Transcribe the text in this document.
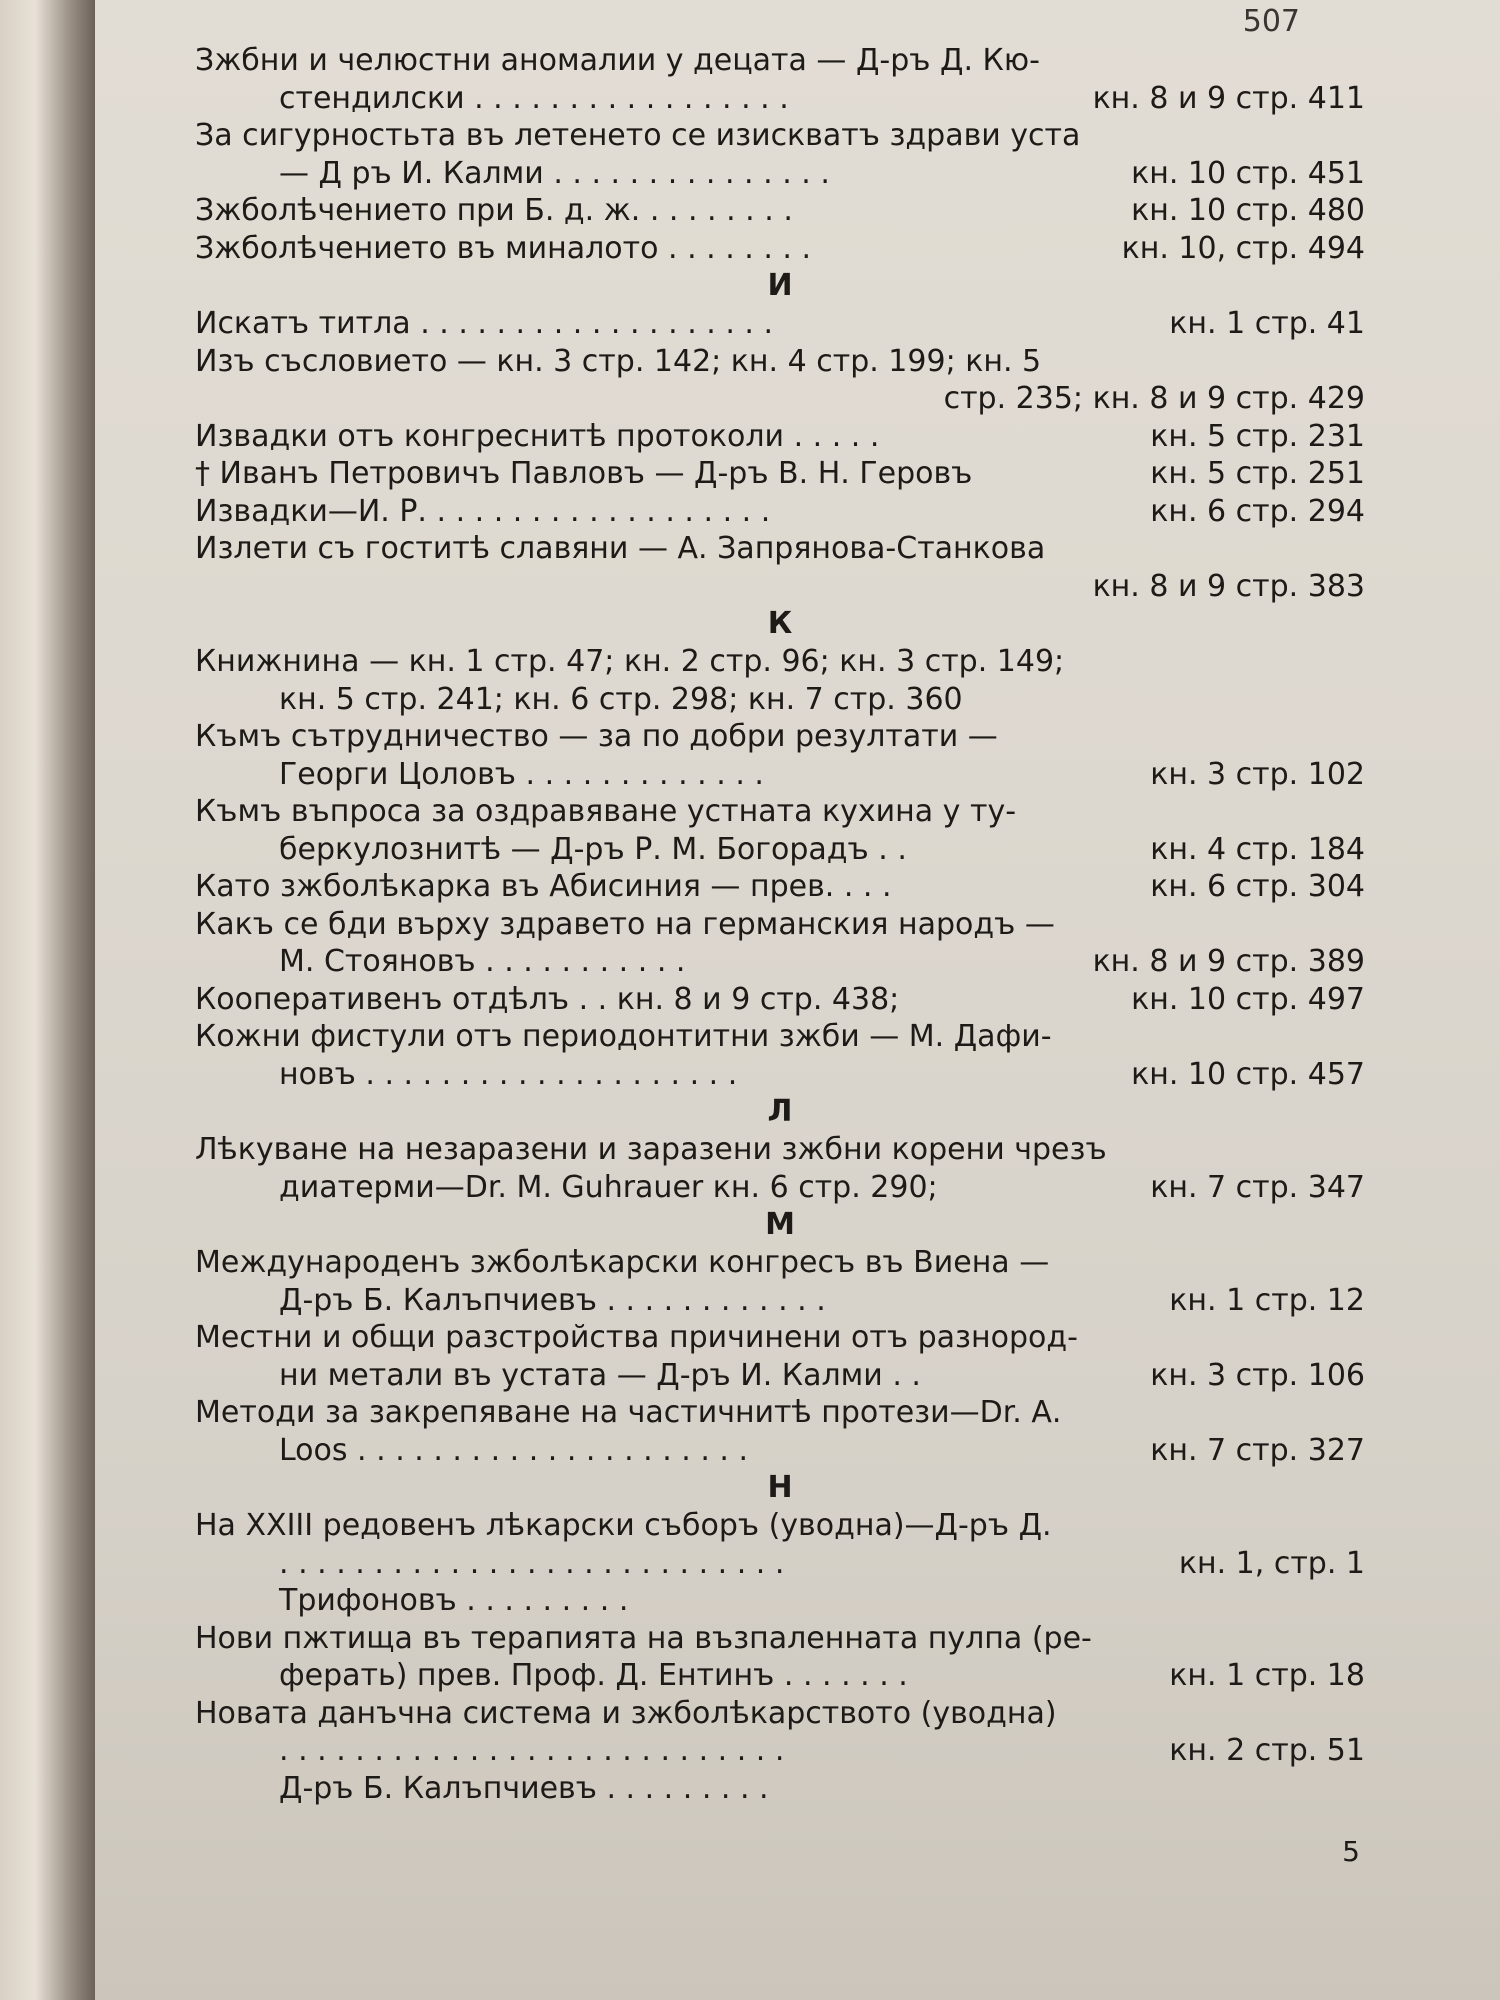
507
Зжбни и челюстни аномалии у децата — Д-ръ Д. Кю-
стендилски . . . . . . . . . . . . . . . . .	кн. 8 и 9 стр. 411
За сигурностьта въ летенето се изискватъ здрави уста
— Д ръ И. Калми . . . . . . . . . . . . . . .	кн. 10 стр. 451
Зжболѣчението при Б. д. ж. . . . . . . . .	кн. 10 стр. 480
Зжболѣчението въ миналото . . . . . . . .	кн. 10, стр. 494
И
Искатъ титла . . . . . . . . . . . . . . . . . . .	кн. 1 стр. 41
Изъ съсловието — кн. 3 стр. 142; кн. 4 стр. 199; кн. 5
стр. 235; кн. 8 и 9 стр. 429
Извадки отъ конгреснитѣ протоколи . . . . .	кн. 5 стр. 231
† Иванъ Петровичъ Павловъ — Д-ръ В. Н. Геровъ	кн. 5 стр. 251
Извадки—И. Р. . . . . . . . . . . . . . . . . . .	кн. 6 стр. 294
Излети съ гоститѣ славяни — А. Запрянова-Станкова
кн. 8 и 9 стр. 383
К
Книжнина — кн. 1 стр. 47; кн. 2 стр. 96; кн. 3 стр. 149;
кн. 5 стр. 241; кн. 6 стр. 298; кн. 7 стр. 360
Къмъ сътрудничество — за по добри резултати —
Георги Цоловъ . . . . . . . . . . . . .	кн. 3 стр. 102
Къмъ въпроса за оздравяване устната кухина у ту-
беркулознитѣ — Д-ръ Р. М. Богорадъ . .	кн. 4 стр. 184
Като зжболѣкарка въ Абисиния — прев. . . .	кн. 6 стр. 304
Какъ се бди върху здравето на германския народъ —
М. Стояновъ . . . . . . . . . . .	кн. 8 и 9 стр. 389
Кооперативенъ отдѣлъ . . кн. 8 и 9 стр. 438;	кн. 10 стр. 497
Кожни фистули отъ периодонтитни зжби — М. Дафи-
новъ . . . . . . . . . . . . . . . . . . . .	кн. 10 стр. 457
Л
Лѣкуване на незаразени и заразени зжбни корени чрезъ
диатерми—Dr. M. Guhrauer кн. 6 стр. 290;	кн. 7 стр. 347
М
Международенъ зжболѣкарски конгресъ въ Виена —
Д-ръ Б. Калъпчиевъ . . . . . . . . . . . .	кн. 1 стр. 12
Местни и общи разстройства причинени отъ разнород-
ни метали въ устата — Д-ръ И. Калми . .	кн. 3 стр. 106
Методи за закрепяване на частичнитѣ протези—Dr. А.
Loos . . . . . . . . . . . . . . . . . . . . .	кн. 7 стр. 327
Н
На XXIII редовенъ лѣкарски съборъ (уводна)—Д-ръ Д.
. . . . . . . . . . . . . . . . . . . . . . . . . . .	кн. 1, стр. 1
Трифоновъ . . . . . . . . .
Нови пжтища въ терапията на възпаленната пулпа (ре-
ферать) прев. Проф. Д. Ентинъ . . . . . . .	кн. 1 стр. 18
Новата данъчна система и зжболѣкарството (уводна)
. . . . . . . . . . . . . . . . . . . . . . . . . . .	кн. 2 стр. 51
Д-ръ Б. Калъпчиевъ . . . . . . . . .
5
